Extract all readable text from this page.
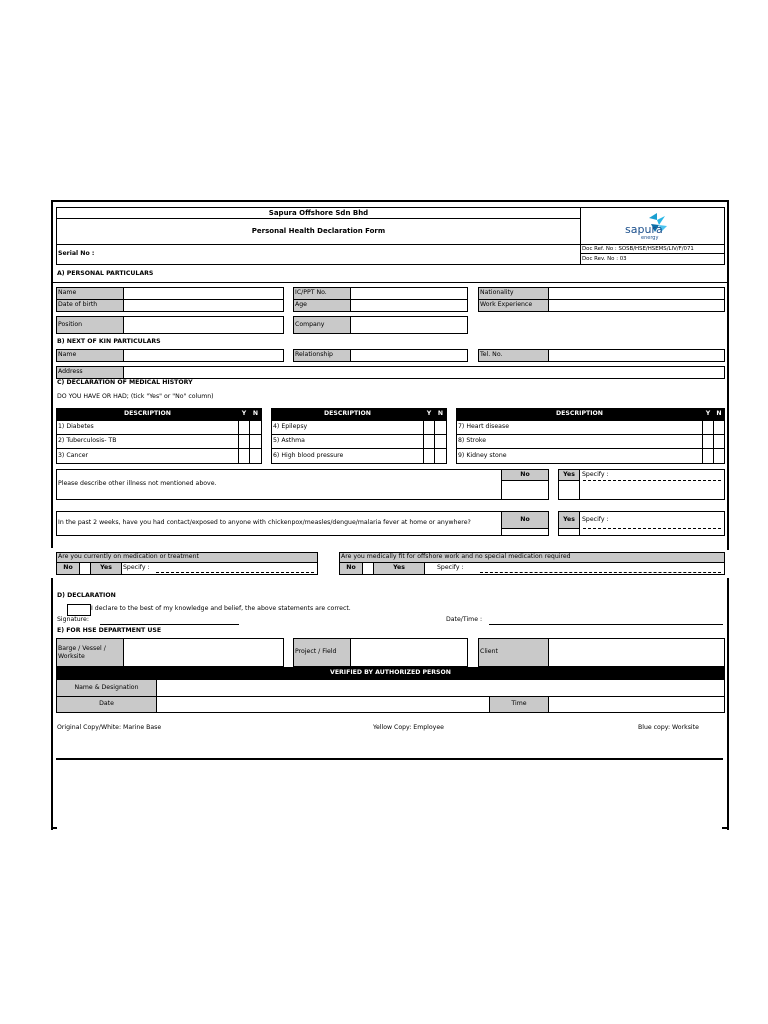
Sapura Offshore Sdn Bhd
Personal Health Declaration Form
Serial No :
sapura
energy
Doc Ref. No : SOSB/HSE/HSEMS/LIV/F/071
Doc Rev. No : 03
A) PERSONAL PARTICULARS
Name	IC/PPT No.	Nationality
Date of birth	Age	Work Experience
Position	Company
B) NEXT OF KIN PARTICULARS
Name	Relationship	Tel. No.
Address
C) DECLARATION OF MEDICAL HISTORY
DO YOU HAVE OR HAD; (tick "Yes" or "No" column)
DESCRIPTION	Y	N
1) Diabetes
2) Tuberculosis- TB
3) Cancer
DESCRIPTION	Y	N
4) Epilepsy
5) Asthma
6) High blood pressure
DESCRIPTION	Y N
7) Heart disease
8) Stroke
9) Kidney stone
Please describe other illness not mentioned above.
No	Yes	Specify :
In the past 2 weeks, have you had contact/exposed to anyone with chickenpox/measles/dengue/malaria fever at home or anywhere?	No	Yes	Specify :
Are you currently on medication or treatment
No	Yes	Specify :
Are you medically fit for offshore work and no special medication required
No	Yes	Specify :
D) DECLARATION
I declare to the best of my knowledge and belief, the above statements are correct.
Signature:	Date/Time :
E) FOR HSE DEPARTMENT USE
Barge / Vessel / Worksite
Project / Field	Client
VERIFIED BY AUTHORIZED PERSON
Name & Designation
Date	Time
Original Copy/White: Marine Base	Yellow Copy: Employee	Blue copy: Worksite
